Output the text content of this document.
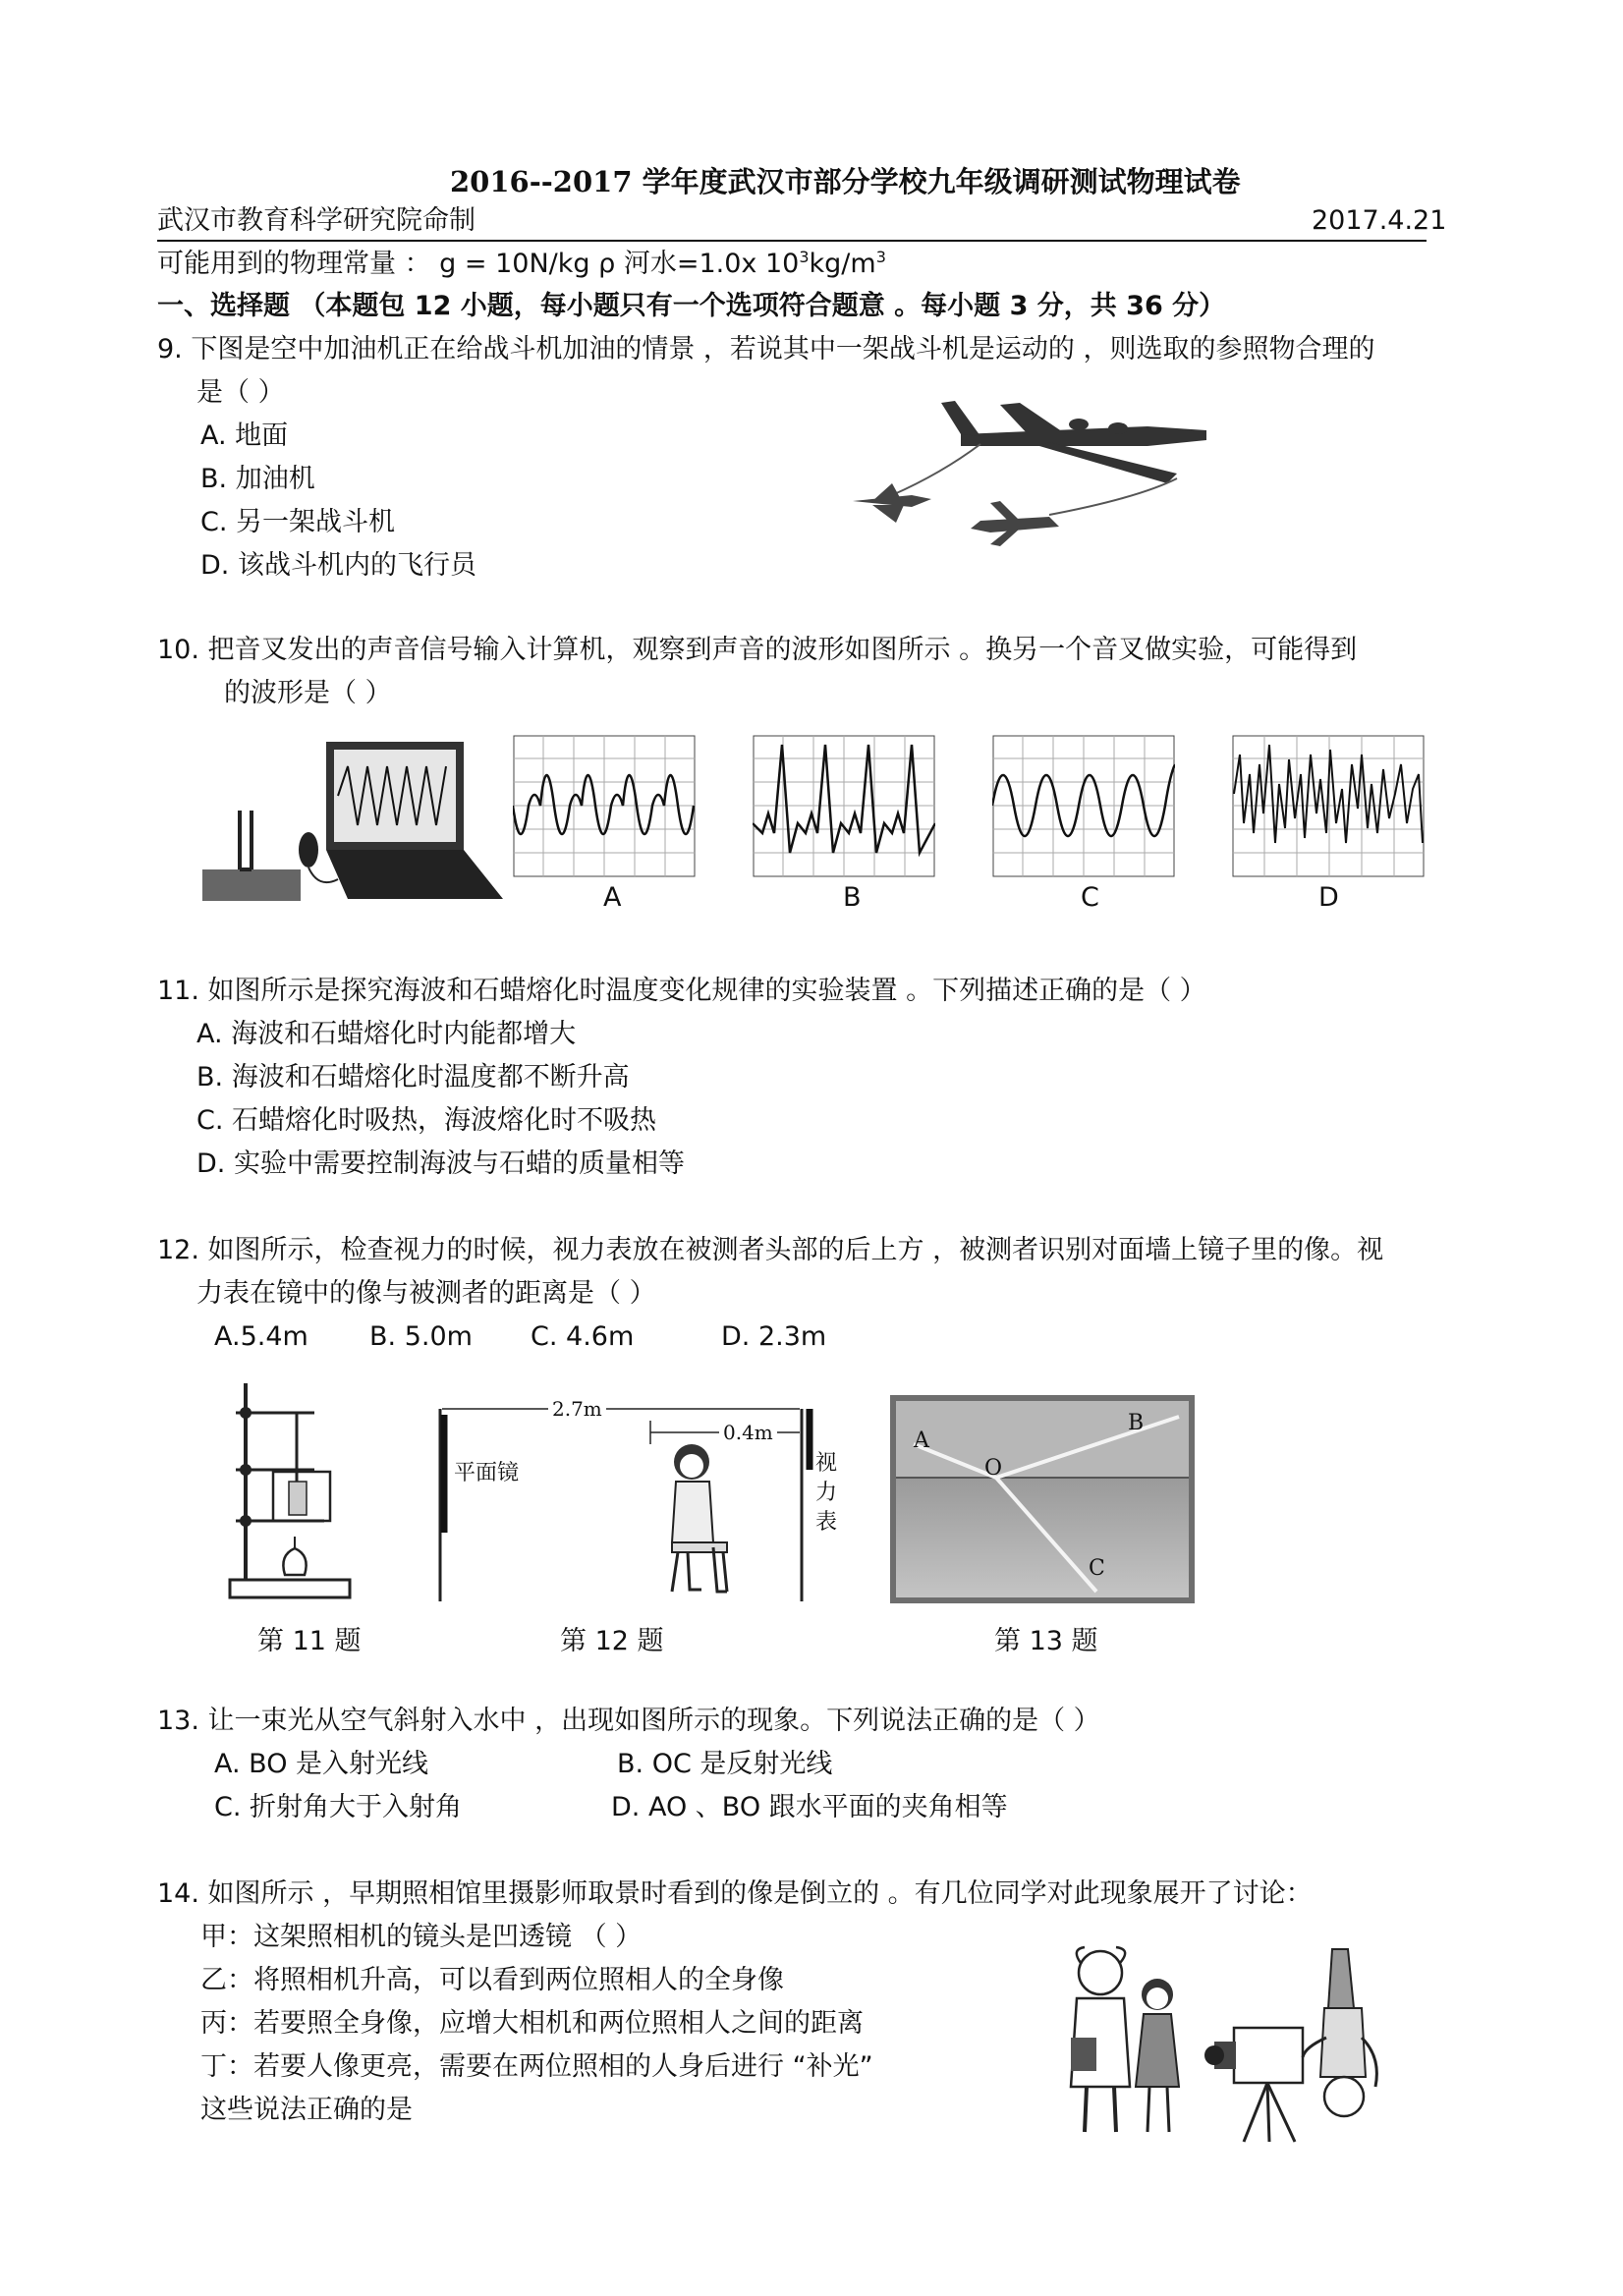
2016--2017 学年度武汉市部分学校九年级调研测试物理试卷
武汉市教育科学研究院命制	2017.4.21
可能用到的物理常量 ： g = 10N/kg ρ 河水=1.0x $10^3kg/m^3$
一、选择题 （本题包 12 小题，每小题只有一个选项符合题意 。每小题 3 分，共 36 分）
9. 下图是空中加油机正在给战斗机加油的情景 ，若说其中一架战斗机是运动的 ，则选取的参照物合理的
是（ ）
A. 地面
B. 加油机
C. 另一架战斗机
D. 该战斗机内的飞行员
10. 把音叉发出的声音信号输入计算机，观察到声音的波形如图所示 。换另一个音叉做实验，可能得到
的波形是（ ）
A	B	C	D
11. 如图所示是探究海波和石蜡熔化时温度变化规律的实验装置 。下列描述正确的是（ ）
A. 海波和石蜡熔化时内能都增大
B. 海波和石蜡熔化时温度都不断升高
C. 石蜡熔化时吸热，海波熔化时不吸热
D. 实验中需要控制海波与石蜡的质量相等
12. 如图所示，检查视力的时候，视力表放在被测者头部的后上方 ，被测者识别对面墙上镜子里的像。视
力表在镜中的像与被测者的距离是（ ）
A.5.4m B. 5.0m C. 4.6m	D. 2.3m
2.7m
0.4m
平面镜	视
力
表
A
O
B
C
第 11 题	第 12 题	第 13 题
13. 让一束光从空气斜射入水中 ，出现如图所示的现象。下列说法正确的是（ ）
A. BO 是入射光线	B. OC 是反射光线
C. 折射角大于入射角	D. AO 、BO 跟水平面的夹角相等
14. 如图所示 ，早期照相馆里摄影师取景时看到的像是倒立的 。有几位同学对此现象展开了讨论：
甲：这架照相机的镜头是凹透镜 （ ）
乙：将照相机升高，可以看到两位照相人的全身像
丙：若要照全身像，应增大相机和两位照相人之间的距离
丁：若要人像更亮，需要在两位照相的人身后进行 “补光”
这些说法正确的是
